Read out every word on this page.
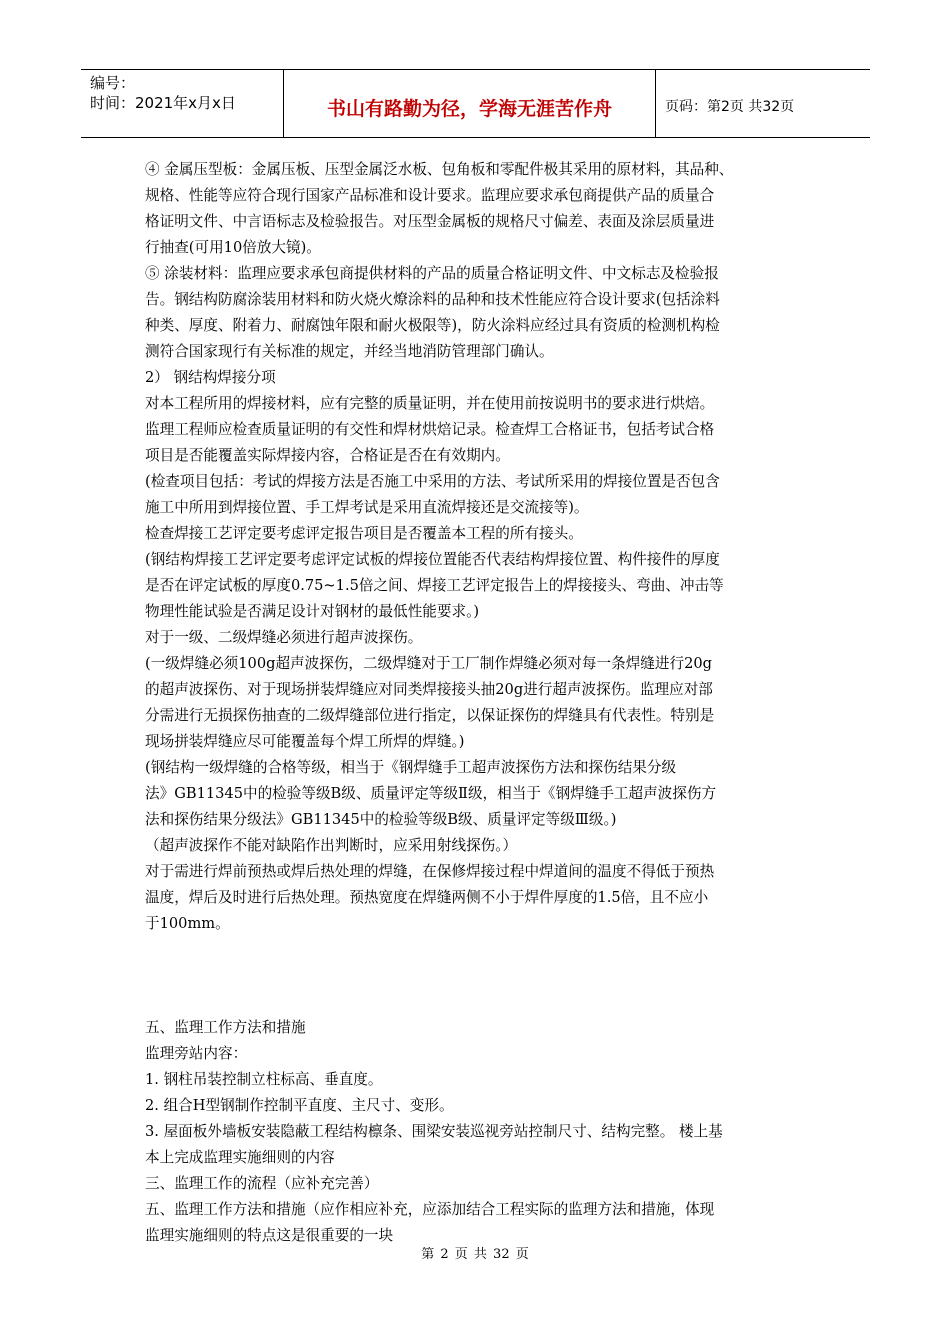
编号：
时间：2021年x月x日	书山有路勤为径，学海无涯苦作舟	页码：第2页 共32页

④ 金属压型板：金属压板、压型金属泛水板、包角板和零配件极其采用的原材料，其品种、

规格、性能等应符合现行国家产品标准和设计要求。监理应要求承包商提供产品的质量合

格证明文件、中言语标志及检验报告。对压型金属板的规格尺寸偏差、表面及涂层质量进

行抽查(可用10倍放大镜)。

⑤ 涂装材料：监理应要求承包商提供材料的产品的质量合格证明文件、中文标志及检验报

告。钢结构防腐涂装用材料和防火烧火燎涂料的品种和技术性能应符合设计要求(包括涂料

种类、厚度、附着力、耐腐蚀年限和耐火极限等)，防火涂料应经过具有资质的检测机构检

测符合国家现行有关标准的规定，并经当地消防管理部门确认。

2） 钢结构焊接分项

对本工程所用的焊接材料，应有完整的质量证明，并在使用前按说明书的要求进行烘焙。

监理工程师应检查质量证明的有交性和焊材烘焙记录。检查焊工合格证书，包括考试合格

项目是否能覆盖实际焊接内容，合格证是否在有效期内。

(检查项目包括：考试的焊接方法是否施工中采用的方法、考试所采用的焊接位置是否包含

施工中所用到焊接位置、手工焊考试是采用直流焊接还是交流接等)。

检查焊接工艺评定要考虑评定报告项目是否覆盖本工程的所有接头。

(钢结构焊接工艺评定要考虑评定试板的焊接位置能否代表结构焊接位置、构件接件的厚度

是否在评定试板的厚度0.75~1.5倍之间、焊接工艺评定报告上的焊接接头、弯曲、冲击等

物理性能试验是否满足设计对钢材的最低性能要求。)

对于一级、二级焊缝必须进行超声波探伤。

(一级焊缝必须100g超声波探伤，二级焊缝对于工厂制作焊缝必须对每一条焊缝进行20g

的超声波探伤、对于现场拼装焊缝应对同类焊接接头抽20g进行超声波探伤。监理应对部

分需进行无损探伤抽查的二级焊缝部位进行指定，以保证探伤的焊缝具有代表性。特别是

现场拼装焊缝应尽可能覆盖每个焊工所焊的焊缝。)

(钢结构一级焊缝的合格等级，相当于《钢焊缝手工超声波探伤方法和探伤结果分级

法》GB11345中的检验等级B级、质量评定等级Ⅱ级，相当于《钢焊缝手工超声波探伤方

法和探伤结果分级法》GB11345中的检验等级B级、质量评定等级Ⅲ级。)

（超声波探作不能对缺陷作出判断时，应采用射线探伤。）

对于需进行焊前预热或焊后热处理的焊缝，在保修焊接过程中焊道间的温度不得低于预热

温度，焊后及时进行后热处理。预热宽度在焊缝两侧不小于焊件厚度的1.5倍，且不应小

于100mm。

五、监理工作方法和措施

监理旁站内容：

1. 钢柱吊装控制立柱标高、垂直度。

2. 组合H型钢制作控制平直度、主尺寸、变形。

3. 屋面板外墙板安装隐蔽工程结构檩条、围梁安装巡视旁站控制尺寸、结构完整。 楼上基

本上完成监理实施细则的内容

三、监理工作的流程（应补充完善）

五、监理工作方法和措施（应作相应补充，应添加结合工程实际的监理方法和措施，体现

监理实施细则的特点这是很重要的一块

第 2 页 共 32 页
